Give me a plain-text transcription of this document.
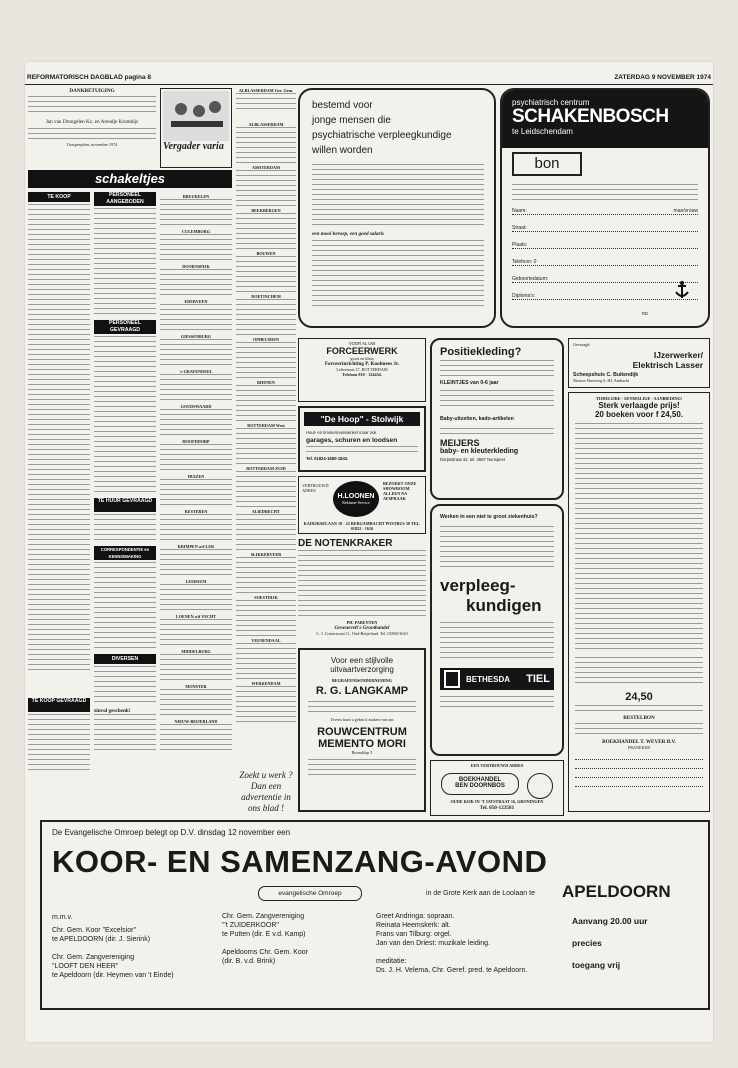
REFORMATORISCH DAGBLAD pagina 8	ZATERDAG 9 NOVEMBER 1974
DANKBETUIGING
Jan van Drongelen Kz. en Arendje Krombijs
Ootspenjolen, november 1974	Vergader varia
schakeltjes
TE KOOP
TE KOOP GEVRAAGD
PERSONEEL AANGEBODEN
PERSONEEL GEVRAAGD
TE HUUR GEVRAAGD
CORRESPONDENTIE en KENNISMAKING
DIVERSEN
zinvol geschenk!
BREUKELEN
CULEMBORG
DOORNSPIJK
EDERVEEN
GIESSENBURG
's-GRAVENDEEL
GOUDSWAARD
HOOFDDORP
HUIZEN
KESTEREN
KRIMPEN a/d LEK
LEERSUM
LOENEN a/d VECHT
MIDDELBURG
MONSTER
NIEUW-BEIJERLAND
ALBLASSERDAM Ger. Gem.
ALBLASSERDAM
AMSTERDAM
BEEKBERGEN
BOUWEN
DOETINCHEM
OPHEUSDEN
RHENEN
ROTTERDAM West
ROTTERDAM-ZUID
SLIEDRECHT
SLIKKERVEER
SOESTDIJK
VEENENDAAL
WERKENDAM
Zoekt u werk ?
Dan een
advertentie in
ons blad !
bestemd voor
jonge mensen die
psychiatrische verpleegkundige
willen worden
een mooi beroep, een goed salaris
psychiatrisch centrum
SCHAKENBOSCH
te Leidschendam
bon
Naam:	man/vrouw
Straat:
Plaats:
Telefoon: 0
Geboortedatum:
Diploma's:
RD
VOOR AL UW
FORCEERWERK
groot en klein
Forceerinrichting P. Koolmees Jr.
Lelieetraat 17, ROTTERDAM
Telefoon 010 - 124434.
"De Hoop" - Stolwijk
Hout- en timmermanswinkel maar ook
garages, schuren en loodsen
Tel. 01824-1680-1843.
VERTROUWD ADRES
H.LOONEN
Reklame-Service
BEZOEKT ONZE SHOWROOM ALLEEN NA AFSPRAAK
KADIJKSELAAN 18 - 22 BERGAMBACHT POSTBUS 38 TEL. 01822 - 1616
DE NOTENKRAKER
PH. PARENTEN
Groenevelt's Grootbandel
L. J. Costerstraat 11, Oud-Beijerland. Tel. 01860-3610
Voor een stijlvolle
uitvaartverzorging
BEGRAFENISONDERNEMING
R. G. LANGKAMP
Tevens kunt u gebru k maken van ons
ROUWCENTRUM
MEMENTO MORI
Boomklop 5
Positiekleding?
KLEINTJES van 0-6 jaar
Baby-uitzetten, kado-artikelen
MEIJERS
baby- en kleuterkleding
Dorpsstraat 42, tel. 3687 Nunspeet
Werken in een niet te groot ziekenhuis?
verpleeg-
kundigen
BETHESDA TIEL
EEN VERTROUWD ADRES
BOEKHANDEL
BEN DOORNBOS
OUDE KIJK IN 'T JATSTRAAT 16, GRONINGEN
Tel. 050-123581
Gevraagd:
IJzerwerker/
Elektrisch Lasser
Scheepshuis C. Buitendijk
Nieuwe Broeweg 6, HI, Ambacht
TIJDELIJKE - EENMALIGE - AANBIEDING!
Sterk verlaagde prijs!
20 boeken voor f 24,50.
24,50
BESTELBON
BOEKHANDEL T. WEVER B.V.
FRANEKER

De Evangelische Omroep belegt op D.V. dinsdag 12 november een
KOOR- EN SAMENZANG-AVOND
evangelische Omroep	in de Grote Kerk aan de Loolaan te APELDOORN
m.m.v.
Chr. Gem. Koor "Excelsior"
te APELDOORN (dir. J. Sierink)
Chr. Gem. Zangvereniging
"LOOFT DEN HEER"
te Apeldoorn (dir. Heymen van 't Einde)
Chr. Gem. Zangvereniging
"'t ZUIDERKOOR"
te Putten (dir. E v.d. Kamp)
Apeldoorns Chr. Gem. Koor
(dir. B. v.d. Brink)
Greet Andringa: sopraan.
Reinata Heemskerk: alt.
Frans van Tilburg: orgel.
Jan van den Driest: muzikale leiding.
meditatie:
Ds. J. H. Velema, Chr. Geref. pred. te Apeldoorn.
Aanvang 20.00 uur
precies
toegang vrij
